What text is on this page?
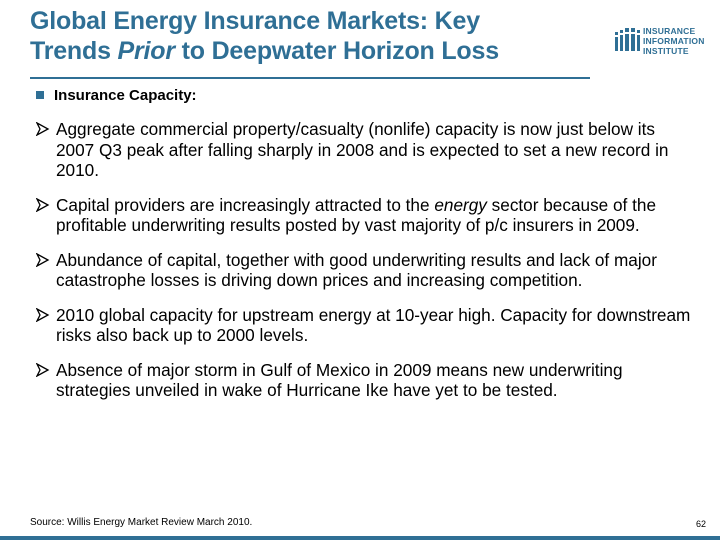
Global Energy Insurance Markets: Key
Trends Prior to Deepwater Horizon Loss
INSURANCE
INFORMATION
INSTITUTE
Insurance Capacity:
Aggregate commercial property/casualty (nonlife) capacity is now just below its 2007 Q3 peak after falling sharply in 2008 and is expected to set a new record in 2010.
Capital providers are increasingly attracted to the energy sector because of the profitable underwriting results posted by vast majority of p/c insurers in 2009.
Abundance of capital, together with good underwriting results and lack of major catastrophe losses is driving down prices and increasing competition.
2010 global capacity for upstream energy at 10-year high. Capacity for downstream risks also back up to 2000 levels.
Absence of major storm in Gulf of Mexico in 2009 means new underwriting strategies unveiled in wake of Hurricane Ike have yet to be tested.
Source: Willis Energy Market Review March 2010.	62
